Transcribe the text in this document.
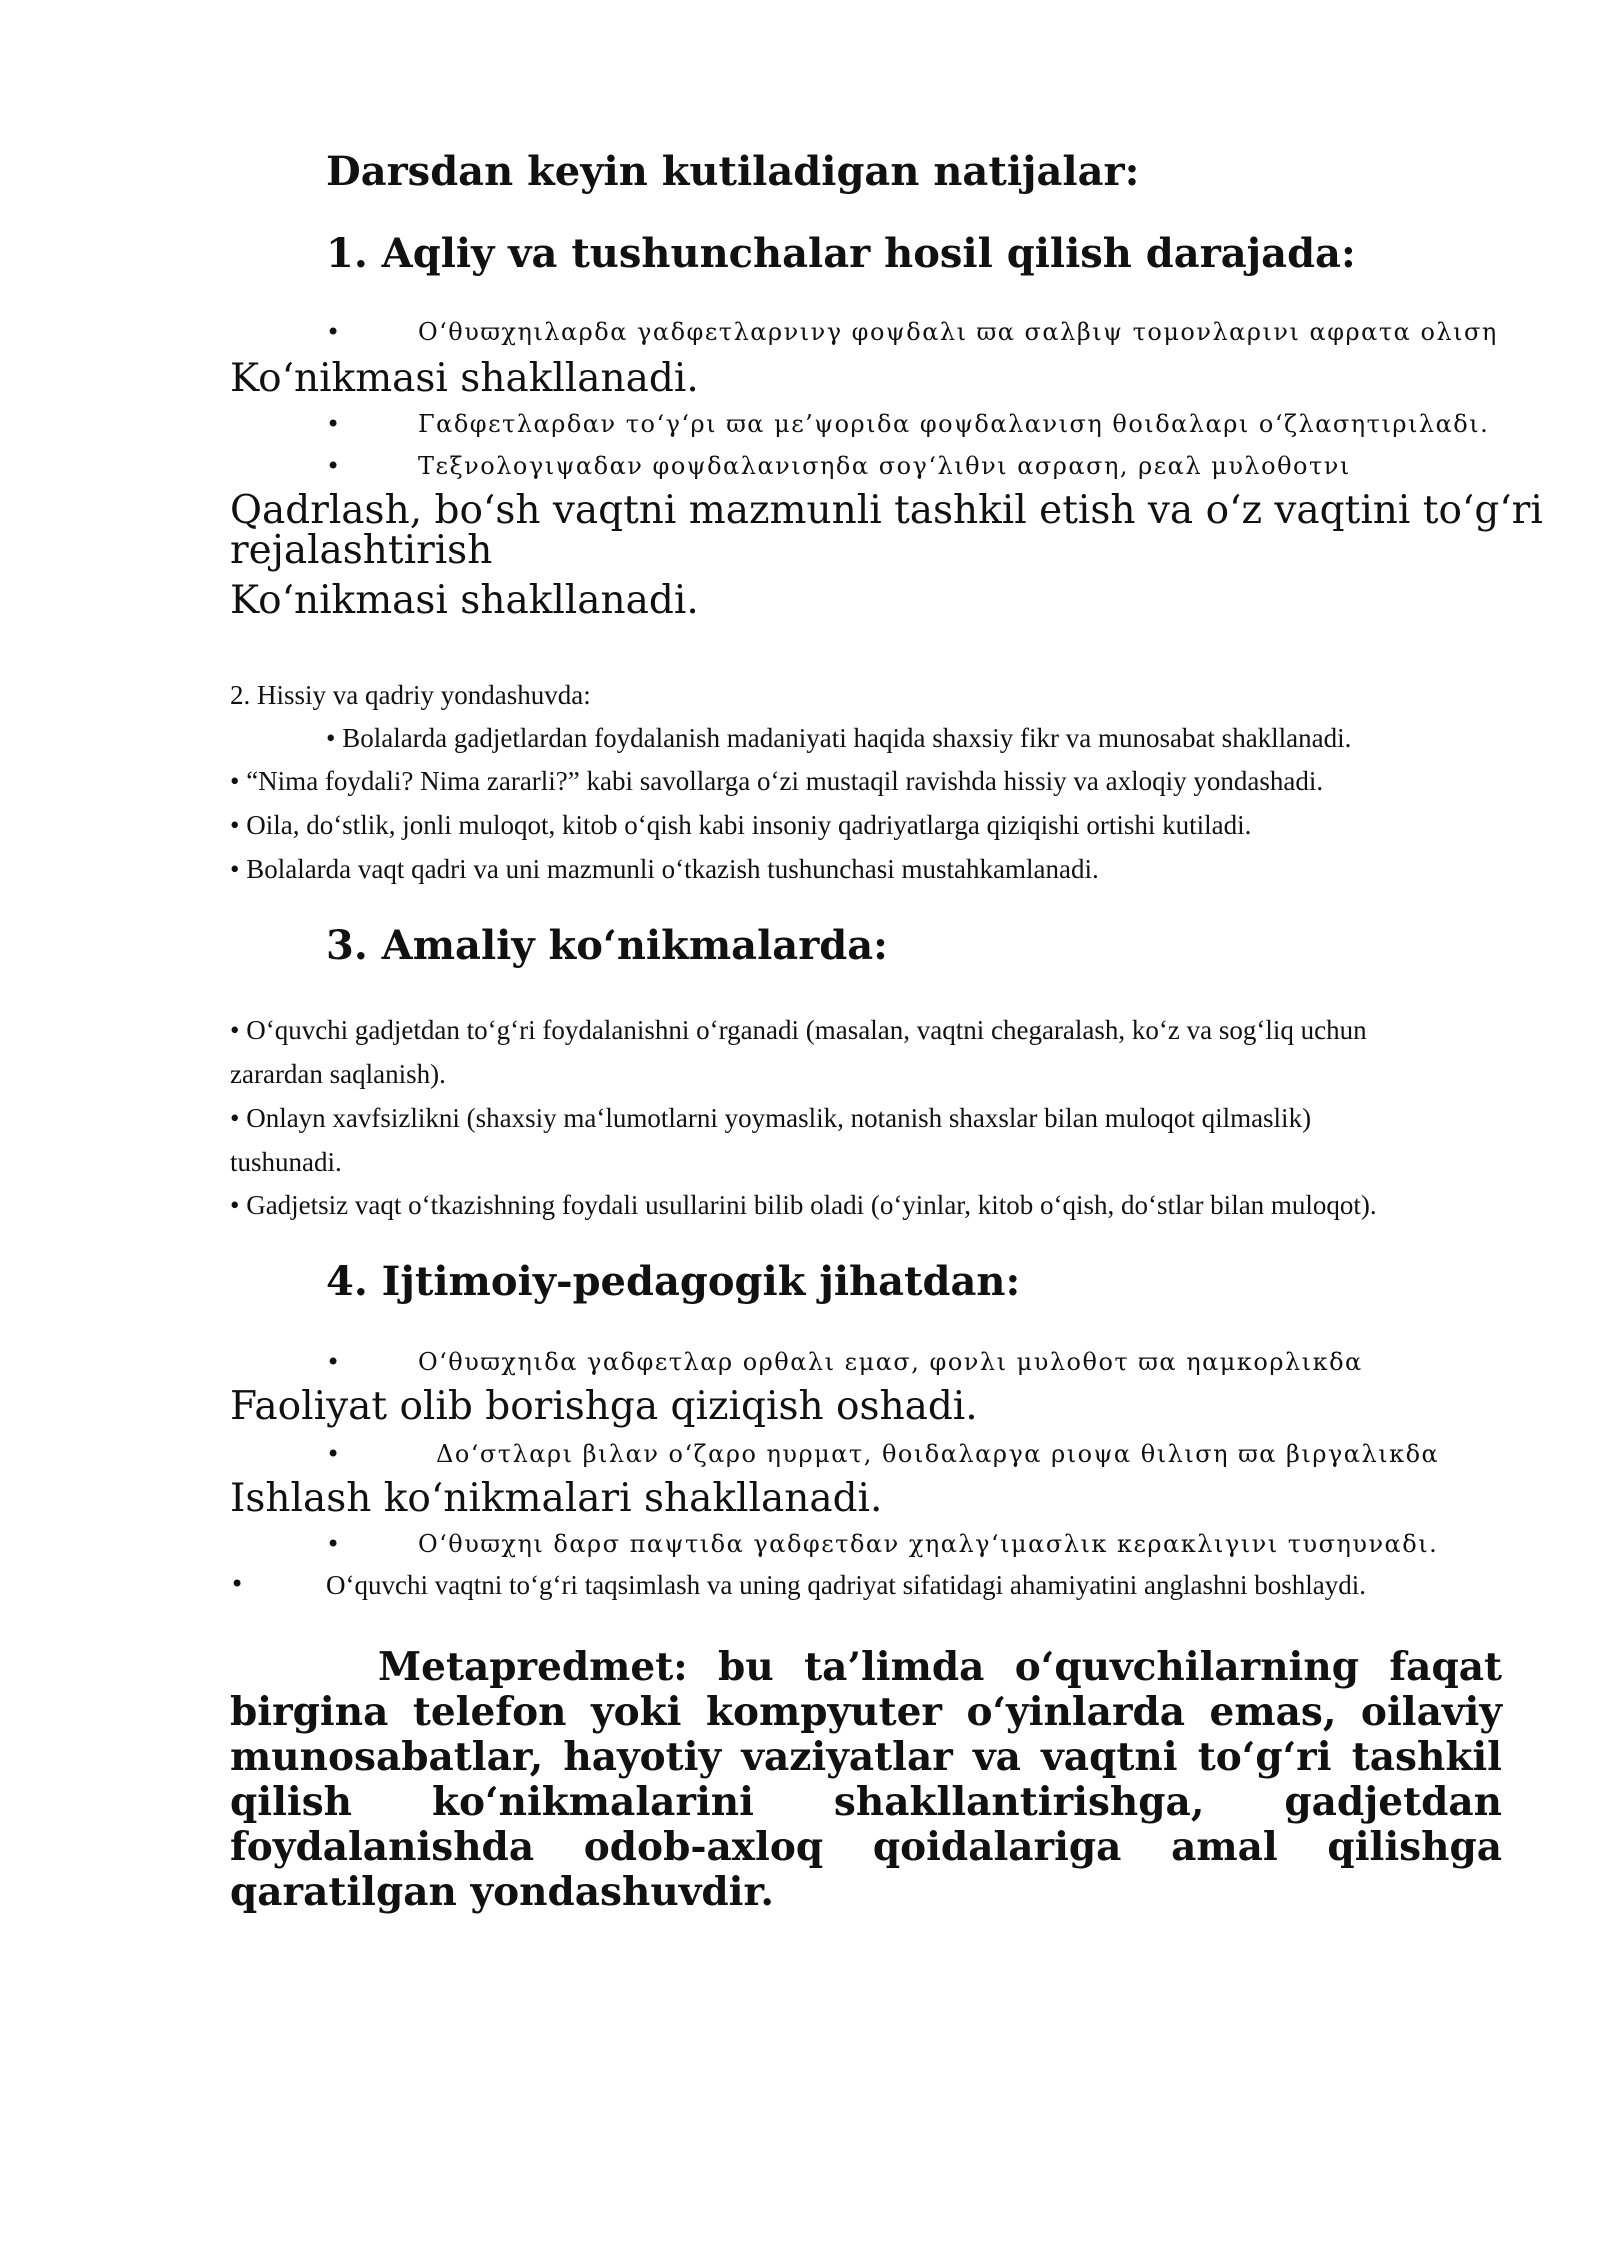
Darsdan keyin kutiladigan natijalar:
1. Aqliy va tushunchalar hosil qilish darajada:
•	O‘θυϖχηιλαρδα γαδφετλαρνινγ φοψδαλι ϖα σαλβιψ τομονλαρινι αφρατα ολιση
Ko‘nikmasi shakllanadi.
•	Γαδφετλαρδαν το‘γ‘ρι ϖα με’ψοριδα φοψδαλανιση θοιδαλαρι ο‘ζλασητιριλαδι.
•	Τεξνολογιψαδαν φοψδαλανισηδα σογ‘λιθνι ασραση, ρεαλ μυλοθοτνι
Qadrlash, bo‘sh vaqtni mazmunli tashkil etish va o‘z vaqtini to‘g‘ri
rejalashtirish
Ko‘nikmasi shakllanadi.
2. Hissiy va qadriy yondashuvda:
• Bolalarda gadjetlardan foydalanish madaniyati haqida shaxsiy fikr va munosabat shakllanadi.
• “Nima foydali? Nima zararli?” kabi savollarga o‘zi mustaqil ravishda hissiy va axloqiy yondashadi.
• Oila, do‘stlik, jonli muloqot, kitob o‘qish kabi insoniy qadriyatlarga qiziqishi ortishi kutiladi.
• Bolalarda vaqt qadri va uni mazmunli o‘tkazish tushunchasi mustahkamlanadi.
3. Amaliy ko‘nikmalarda:
• O‘quvchi gadjetdan to‘g‘ri foydalanishni o‘rganadi (masalan, vaqtni chegaralash, ko‘z va sog‘liq uchun
zarardan saqlanish).
• Onlayn xavfsizlikni (shaxsiy ma‘lumotlarni yoymaslik, notanish shaxslar bilan muloqot qilmaslik)
tushunadi.
• Gadjetsiz vaqt o‘tkazishning foydali usullarini bilib oladi (o‘yinlar, kitob o‘qish, do‘stlar bilan muloqot).
4. Ijtimoiy-pedagogik jihatdan:
•	O‘θυϖχηιδα γαδφετλαρ ορθαλι εμασ, φονλι μυλοθοτ ϖα ηαμκορλικδα
Faoliyat olib borishga qiziqish oshadi.
•	Δο‘στλαρι βιλαν ο‘ζαρο ηυρματ, θοιδαλαργα ριοψα θιλιση ϖα βιργαλικδα
Ishlash ko‘nikmalari shakllanadi.
•	O‘θυϖχηι δαρσ παψτιδα γαδφετδαν χηαλγ‘ιμασλικ κερακλιγινι τυσηυναδι.
•	O‘quvchi vaqtni to‘g‘ri taqsimlash va uning qadriyat sifatidagi ahamiyatini anglashni boshlaydi.

Metapredmet: bu ta’limda o‘quvchilarning faqat birgina telefon yoki kompyuter o‘yinlarda emas, oilaviy munosabatlar, hayotiy vaziyatlar va vaqtni to‘g‘ri tashkil qilish ko‘nikmalarini shakllantirishga, gadjetdan foydalanishda odob-axloq qoidalariga amal qilishga qaratilgan yondashuvdir.
